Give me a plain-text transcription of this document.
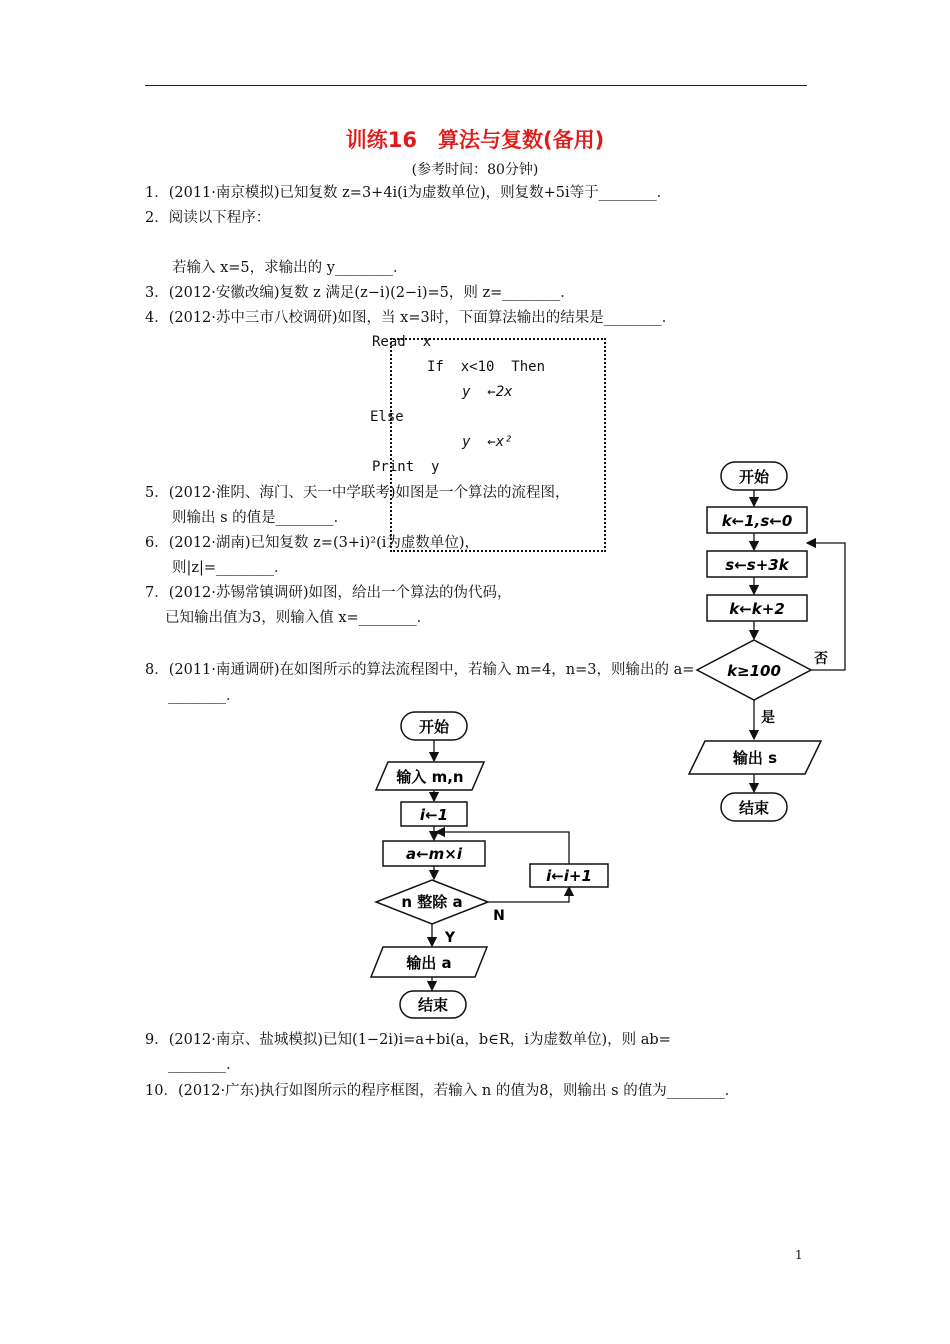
训练16　算法与复数(备用)
(参考时间：80分钟)
1．(2011·南京模拟)已知复数 z=3+4i(i为虚数单位)，则复数+5i等于________．
2．阅读以下程序：
若输入 x=5，求输出的 y________．
3．(2012·安徽改编)复数 z 满足(z−i)(2−i)=5，则 z=________．
4．(2012·苏中三市八校调研)如图，当 x=3时，下面算法输出的结果是________．
Read  x
If  x<10  Then
y  ←2x
Else
y  ←x²
Print  y
5．(2012·淮阴、海门、天一中学联考)如图是一个算法的流程图，
则输出 s 的值是________．
6．(2012·湖南)已知复数 z=(3+i)²(i为虚数单位)，
则|z|=________．
7．(2012·苏锡常镇调研)如图，给出一个算法的伪代码，
已知输出值为3，则输入值 x=________．
8．(2011·南通调研)在如图所示的算法流程图中，若输入 m=4，n=3，则输出的 a=
________．
开始
k←1,s←0
s←s+3k
k←k+2
k≥100
否
是
输出 s
结束
开始
输入 m,n
i←1
a←m×i
n 整除 a
N
i←i+1
Y
输出 a
结束
9．(2012·南京、盐城模拟)已知(1−2i)i=a+bi(a，b∈R，i为虚数单位)，则 ab=
________．
10．(2012·广东)执行如图所示的程序框图，若输入 n 的值为8，则输出 s 的值为________．
1
